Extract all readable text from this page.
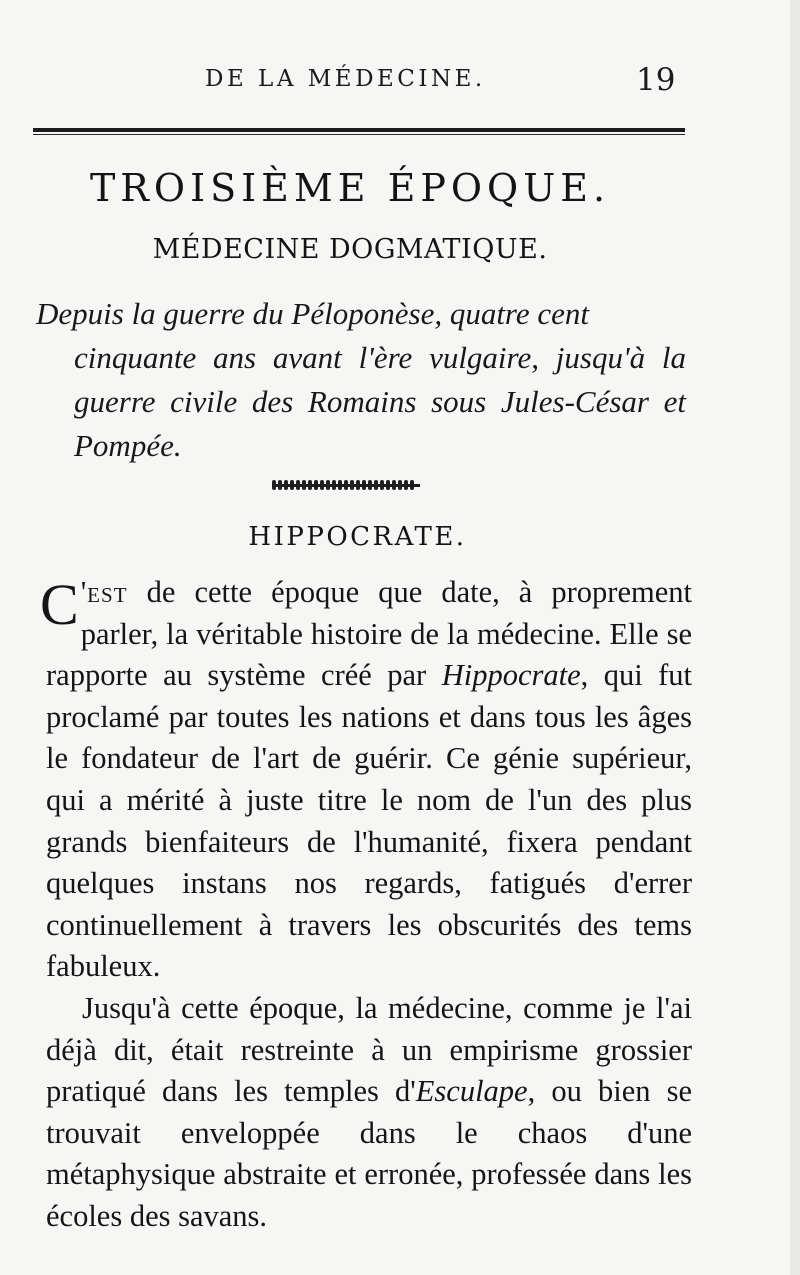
DE LA MÉDECINE.	19
TROISIÈME ÉPOQUE.
MÉDECINE DOGMATIQUE.
Depuis la guerre du Péloponèse, quatre cent
cinquante ans avant l'ère vulgaire, jusqu'à la guerre civile des Romains sous Jules-César et Pompée.
HIPPOCRATE.

C 'est de cette époque que date, à proprement parler, la véritable histoire de la médecine. Elle se rapporte au système créé par Hippocrate, qui fut proclamé par toutes les nations et dans tous les âges le fondateur de l'art de guérir. Ce génie supérieur, qui a mérité à juste titre le nom de l'un des plus grands bienfaiteurs de l'humanité, fixera pendant quelques instans nos regards, fatigués d'errer continuellement à travers les obscurités des tems fabuleux.

Jusqu'à cette époque, la médecine, comme je l'ai déjà dit, était restreinte à un empirisme grossier pratiqué dans les temples d'Esculape, ou bien se trouvait enveloppée dans le chaos d'une métaphysique abstraite et erronée, professée dans les écoles des savans.
